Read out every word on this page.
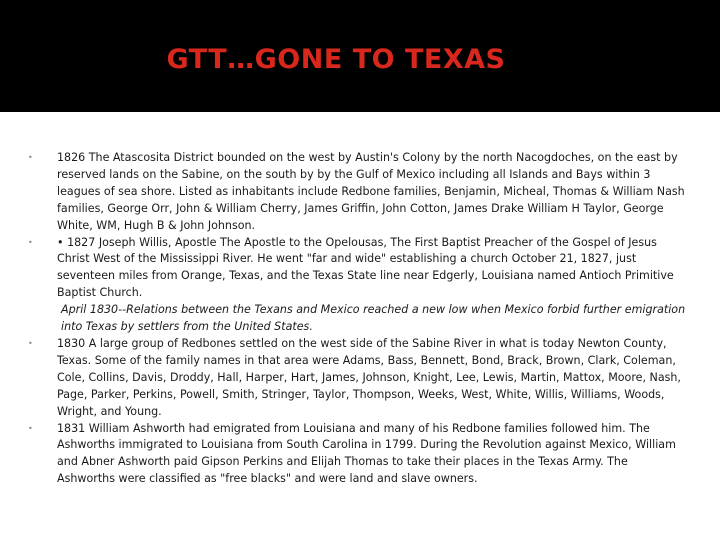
GTT…GONE TO TEXAS
• 1826 The Atascosita District bounded on the west by Austin's Colony by the north Nacogdoches, on the east by reserved lands on the Sabine, on the south by by the Gulf of Mexico including all Islands and Bays within 3 leagues of sea shore. Listed as inhabitants include Redbone families, Benjamin, Micheal, Thomas & William Nash families, George Orr, John & William Cherry, James Griffin, John Cotton, James Drake William H Taylor, George White, WM, Hugh B & John Johnson.
• • 1827 Joseph Willis, Apostle The Apostle to the Opelousas, The First Baptist Preacher of the Gospel of Jesus Christ West of the Mississippi River. He went "far and wide" establishing a church October 21, 1827, just seventeen miles from Orange, Texas, and the Texas State line near Edgerly, Louisiana named Antioch Primitive Baptist Church.
April 1830--Relations between the Texans and Mexico reached a new low when Mexico forbid further emigration into Texas by settlers from the United States.
• 1830 A large group of Redbones settled on the west side of the Sabine River in what is today Newton County, Texas. Some of the family names in that area were Adams, Bass, Bennett, Bond, Brack, Brown, Clark, Coleman, Cole, Collins, Davis, Droddy, Hall, Harper, Hart, James, Johnson, Knight, Lee, Lewis, Martin, Mattox, Moore, Nash, Page, Parker, Perkins, Powell, Smith, Stringer, Taylor, Thompson, Weeks, West, White, Willis, Williams, Woods, Wright, and Young.
• 1831 William Ashworth had emigrated from Louisiana and many of his Redbone families followed him. The Ashworths immigrated to Louisiana from South Carolina in 1799. During the Revolution against Mexico, William and Abner Ashworth paid Gipson Perkins and Elijah Thomas to take their places in the Texas Army. The Ashworths were classified as "free blacks" and were land and slave owners.
